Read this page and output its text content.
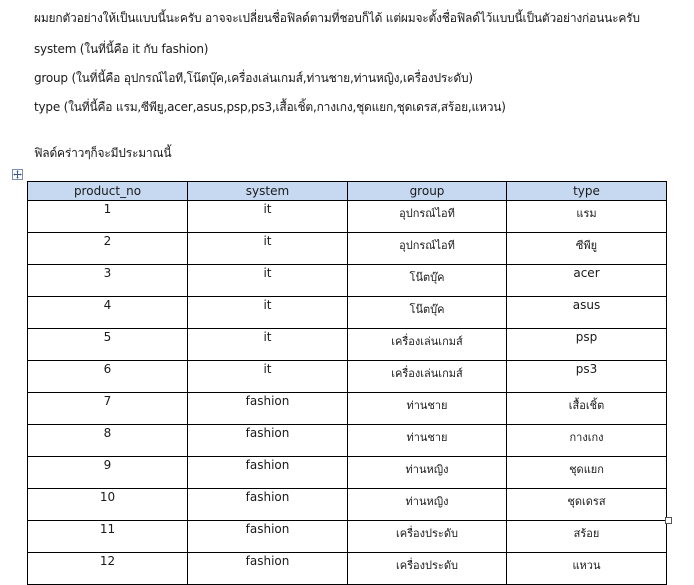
ผมยกตัวอย่างให้เป็นแบบนี้นะครับ อาจจะเปลี่ยนชื่อฟิลด์ตามที่ชอบก็ได้ แต่ผมจะตั้งชื่อฟิลด์ไว้แบบนี้เป็นตัวอย่างก่อนนะครับ
system (ในที่นี้คือ it กับ fashion)
group (ในที่นี้คือ อุปกรณ์ไอที,โน๊ตบุ๊ค,เครื่องเล่นเกมส์,ท่านชาย,ท่านหญิง,เครื่องประดับ)
type (ในที่นี้คือ แรม,ซีพียู,acer,asus,psp,ps3,เสื้อเชิ้ต,กางเกง,ชุดแยก,ชุดเดรส,สร้อย,แหวน)
ฟิลด์คร่าวๆก็จะมีประมาณนี้
product_no	system	group	type
1	it	อุปกรณ์ไอที	แรม
2	it	อุปกรณ์ไอที	ซีพียู
3	it	โน๊ตบุ๊ค	acer
4	it	โน๊ตบุ๊ค	asus
5	it	เครื่องเล่นเกมส์	psp
6	it	เครื่องเล่นเกมส์	ps3
7	fashion	ท่านชาย	เสื้อเชิ้ต
8	fashion	ท่านชาย	กางเกง
9	fashion	ท่านหญิง	ชุดแยก
10	fashion	ท่านหญิง	ชุดเดรส
11	fashion	เครื่องประดับ	สร้อย
12	fashion	เครื่องประดับ	แหวน
